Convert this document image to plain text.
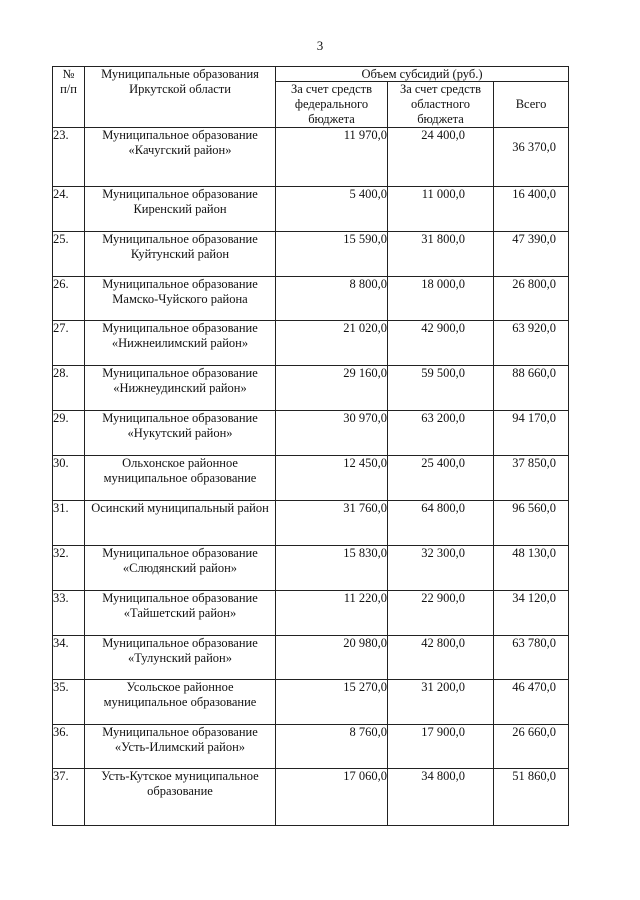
3
№
п/п	Муниципальные образования Иркутской области	Объем субсидий (руб.)		
		За счет средств федерального бюджета	За счет средств областного бюджета	Всего
23.	Муниципальное образование «Качугский район»	11 970,0	24 400,0	36 370,0
24.	Муниципальное образование Киренский район	5 400,0	11 000,0	16 400,0
25.	Муниципальное образование Куйтунский район	15 590,0	31 800,0	47 390,0
26.	Муниципальное образование Мамско-Чуйского района	8 800,0	18 000,0	26 800,0
27.	Муниципальное образование «Нижнеилимский район»	21 020,0	42 900,0	63 920,0
28.	Муниципальное образование «Нижнеудинский район»	29 160,0	59 500,0	88 660,0
29.	Муниципальное образование «Нукутский район»	30 970,0	63 200,0	94 170,0
30.	Ольхонское районное муниципальное образование	12 450,0	25 400,0	37 850,0
31.	Осинский муниципальный район	31 760,0	64 800,0	96 560,0
32.	Муниципальное образование «Слюдянский район»	15 830,0	32 300,0	48 130,0
33.	Муниципальное образование «Тайшетский район»	11 220,0	22 900,0	34 120,0
34.	Муниципальное образование «Тулунский район»	20 980,0	42 800,0	63 780,0
35.	Усольское районное муниципальное образование	15 270,0	31 200,0	46 470,0
36.	Муниципальное образование «Усть-Илимский район»	8 760,0	17 900,0	26 660,0
37.	Усть-Кутское муниципальное образование	17 060,0	34 800,0	51 860,0
